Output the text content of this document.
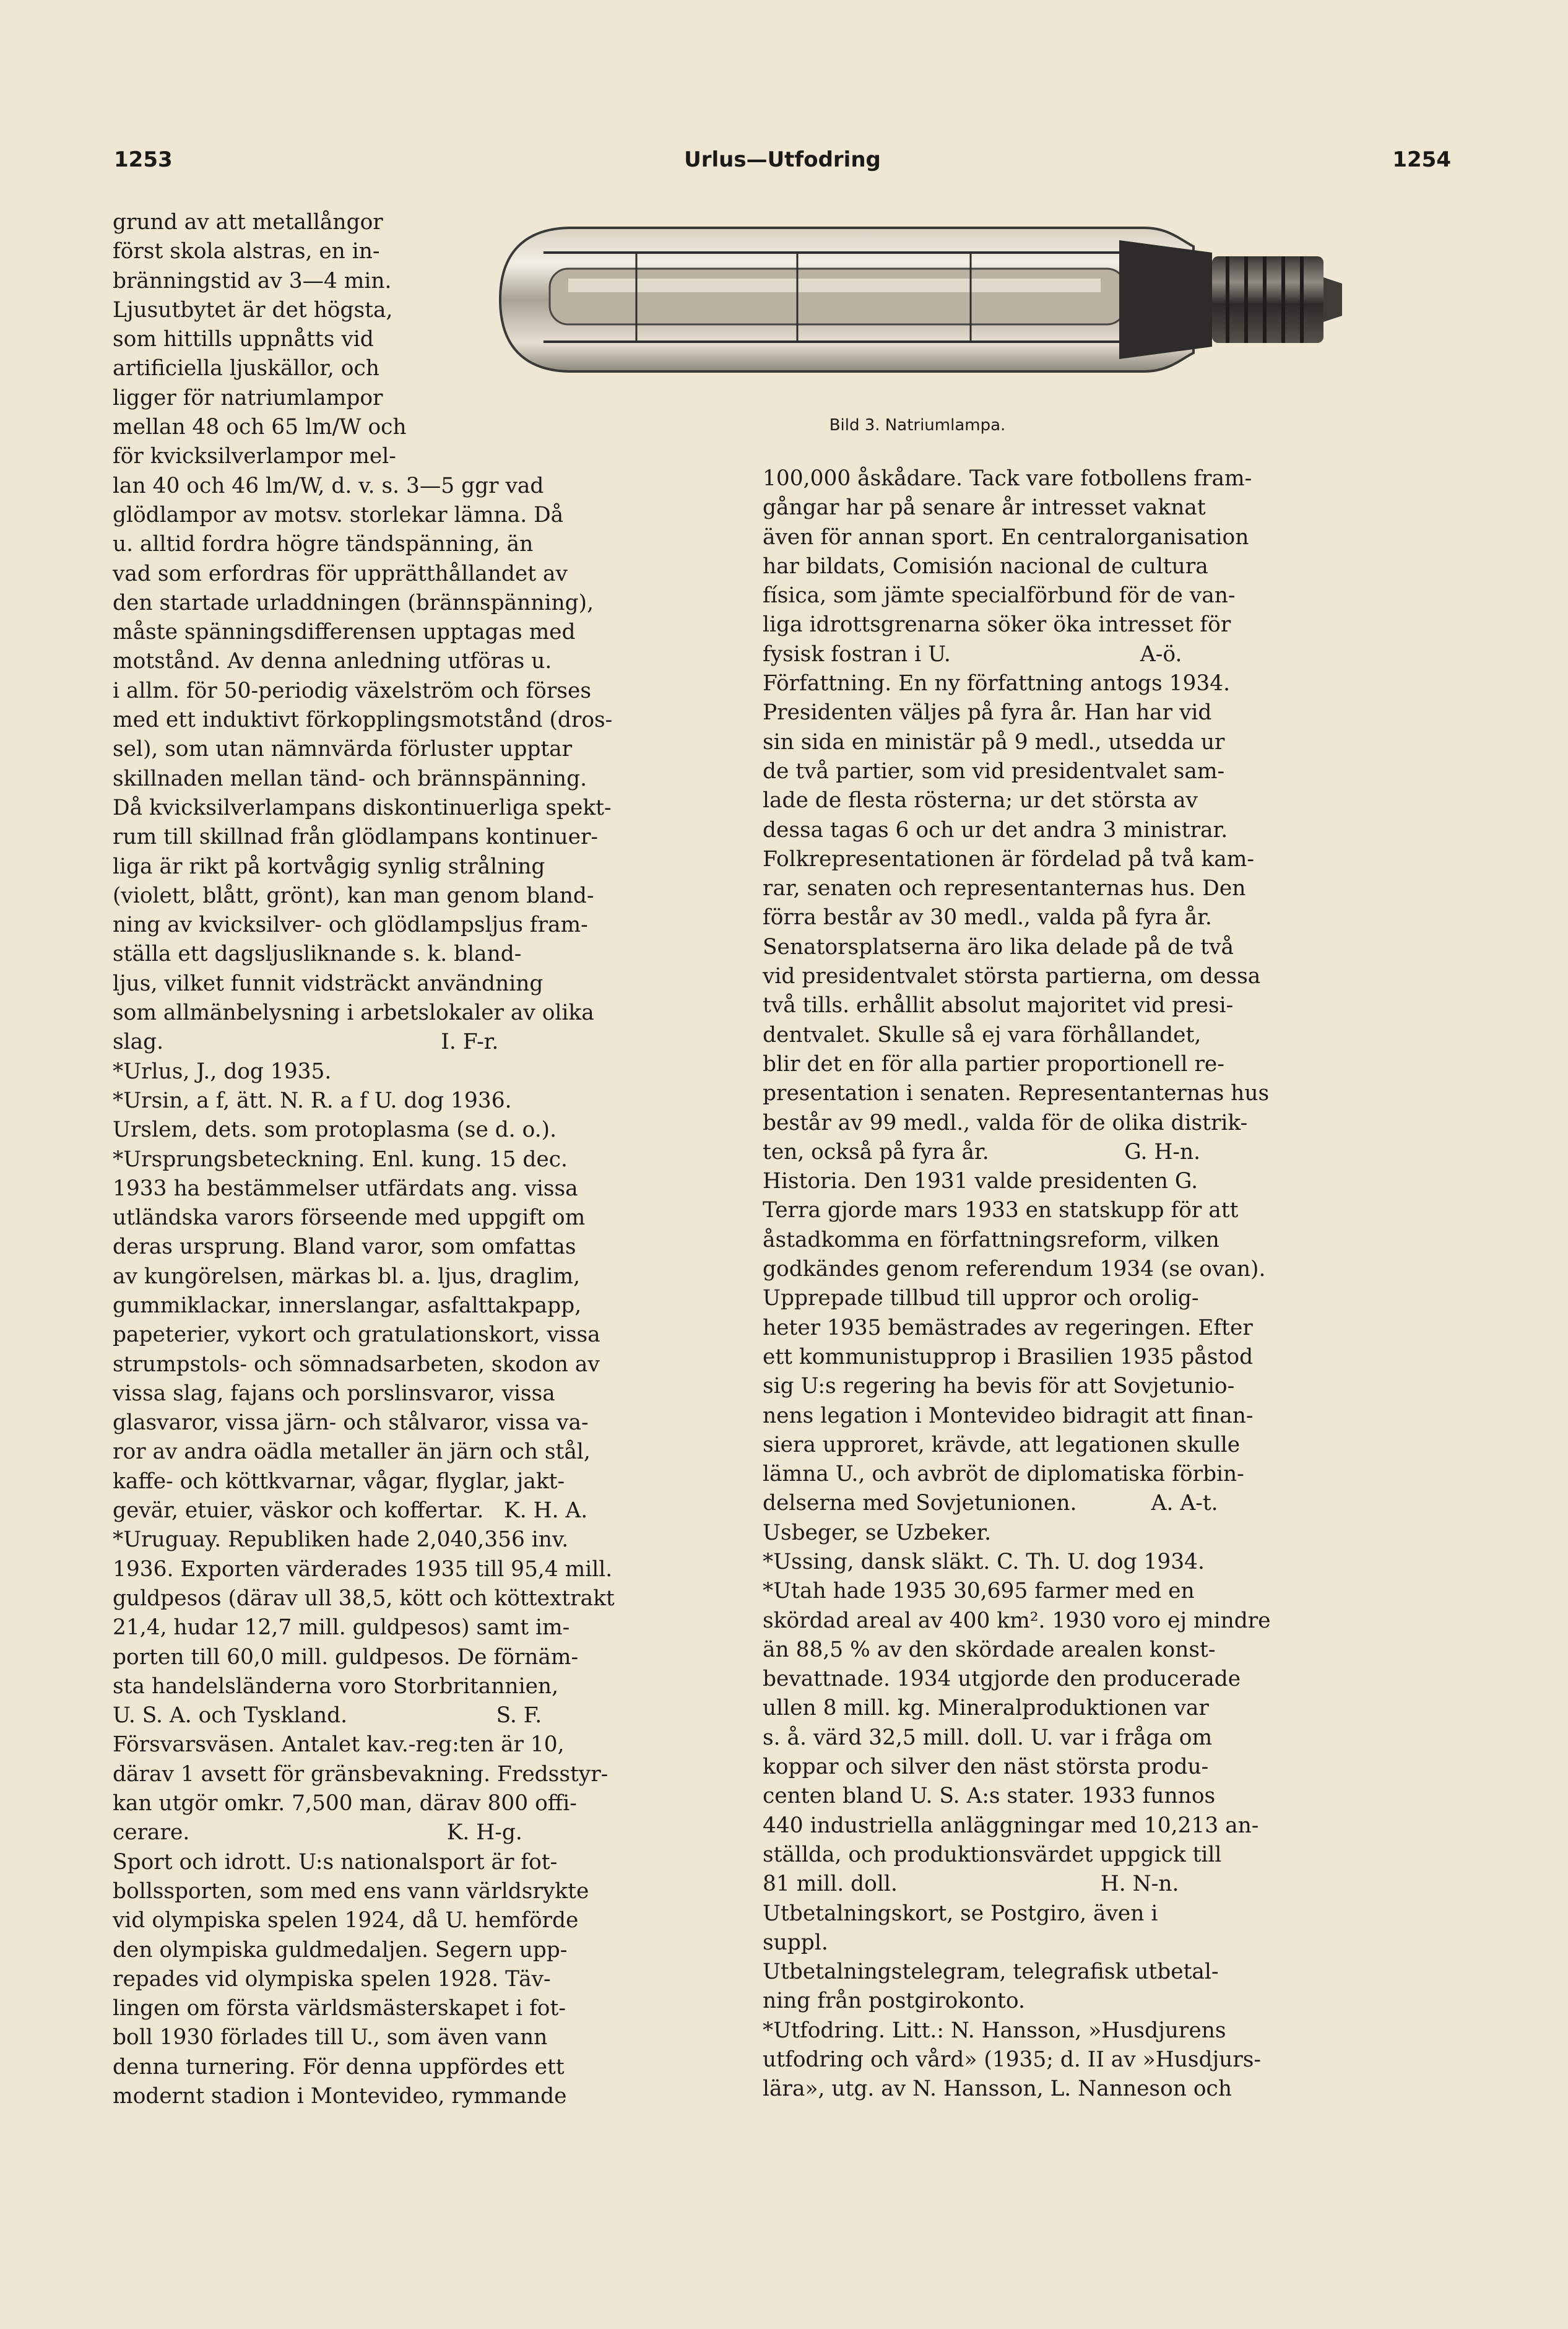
1253	Urlus—Utfodring	1254
Bild 3. Natriumlampa.
grund av att metallångor
först skola alstras, en in-
bränningstid av 3—4 min.
Ljusutbytet är det högsta,
som hittills uppnåtts vid
artificiella ljuskällor, och
ligger för natriumlampor
mellan 48 och 65 lm/W och
för kvicksilverlampor mel-
lan 40 och 46 lm/W, d. v. s. 3—5 ggr vad
glödlampor av motsv. storlekar lämna. Då
u. alltid fordra högre tändspänning, än
vad som erfordras för upprätthållandet av
den startade urladdningen (brännspänning),
måste spänningsdifferensen upptagas med
motstånd. Av denna anledning utföras u.
i allm. för 50-periodig växelström och förses
med ett induktivt förkopplingsmotstånd (dros-
sel), som utan nämnvärda förluster upptar
skillnaden mellan tänd- och brännspänning.
Då kvicksilverlampans diskontinuerliga spekt-
rum till skillnad från glödlampans kontinuer-
liga är rikt på kortvågig synlig strålning
(violett, blått, grönt), kan man genom bland-
ning av kvicksilver- och glödlampsljus fram-
ställa ett dagsljusliknande s. k. bland-
ljus, vilket funnit vidsträckt användning
som allmänbelysning i arbetslokaler av olika
slag.                                         I. F-r.
*Urlus, J., dog 1935.
*Ursin, a f, ätt. N. R. a f U. dog 1936.
Urslem, dets. som protoplasma (se d. o.).
*Ursprungsbeteckning. Enl. kung. 15 dec.
1933 ha bestämmelser utfärdats ang. vissa
utländska varors förseende med uppgift om
deras ursprung. Bland varor, som omfattas
av kungörelsen, märkas bl. a. ljus, draglim,
gummiklackar, innerslangar, asfalttakpapp,
papeterier, vykort och gratulationskort, vissa
strumpstols- och sömnadsarbeten, skodon av
vissa slag, fajans och porslinsvaror, vissa
glasvaror, vissa järn- och stålvaror, vissa va-
ror av andra oädla metaller än järn och stål,
kaffe- och köttkvarnar, vågar, flyglar, jakt-
gevär, etuier, väskor och koffertar.   K. H. A.
*Uruguay. Republiken hade 2,040,356 inv.
1936. Exporten värderades 1935 till 95,4 mill.
guldpesos (därav ull 38,5, kött och köttextrakt
21,4, hudar 12,7 mill. guldpesos) samt im-
porten till 60,0 mill. guldpesos. De förnäm-
sta handelsländerna voro Storbritannien,
U. S. A. och Tyskland.                      S. F.
Försvarsväsen. Antalet kav.-reg:ten är 10,
därav 1 avsett för gränsbevakning. Fredsstyr-
kan utgör omkr. 7,500 man, därav 800 offi-
cerare.                                      K. H-g.
Sport och idrott. U:s nationalsport är fot-
bollssporten, som med ens vann världsrykte
vid olympiska spelen 1924, då U. hemförde
den olympiska guldmedaljen. Segern upp-
repades vid olympiska spelen 1928. Täv-
lingen om första världsmästerskapet i fot-
boll 1930 förlades till U., som även vann
denna turnering. För denna uppfördes ett
modernt stadion i Montevideo, rymmande
100,000 åskådare. Tack vare fotbollens fram-
gångar har på senare år intresset vaknat
även för annan sport. En centralorganisation
har bildats, Comisión nacional de cultura
física, som jämte specialförbund för de van-
liga idrottsgrenarna söker öka intresset för
fysisk fostran i U.                            A-ö.
Författning. En ny författning antogs 1934.
Presidenten väljes på fyra år. Han har vid
sin sida en ministär på 9 medl., utsedda ur
de två partier, som vid presidentvalet sam-
lade de flesta rösterna; ur det största av
dessa tagas 6 och ur det andra 3 ministrar.
Folkrepresentationen är fördelad på två kam-
rar, senaten och representanternas hus. Den
förra består av 30 medl., valda på fyra år.
Senatorsplatserna äro lika delade på de två
vid presidentvalet största partierna, om dessa
två tills. erhållit absolut majoritet vid presi-
dentvalet. Skulle så ej vara förhållandet,
blir det en för alla partier proportionell re-
presentation i senaten. Representanternas hus
består av 99 medl., valda för de olika distrik-
ten, också på fyra år.                    G. H-n.
Historia. Den 1931 valde presidenten G.
Terra gjorde mars 1933 en statskupp för att
åstadkomma en författningsreform, vilken
godkändes genom referendum 1934 (se ovan).
Upprepade tillbud till uppror och orolig-
heter 1935 bemästrades av regeringen. Efter
ett kommunistupprор i Brasilien 1935 påstod
sig U:s regering ha bevis för att Sovjetunio-
nens legation i Montevideo bidragit att finan-
siera upproret, krävde, att legationen skulle
lämna U., och avbröt de diplomatiska förbin-
delserna med Sovjetunionen.           A. A-t.
Usbeger, se Uzbeker.
*Ussing, dansk släkt. C. Th. U. dog 1934.
*Utah hade 1935 30,695 farmer med en
skördad areal av 400 km². 1930 voro ej mindre
än 88,5 % av den skördade arealen konst-
bevattnade. 1934 utgjorde den producerade
ullen 8 mill. kg. Mineralproduktionen var
s. å. värd 32,5 mill. doll. U. var i fråga om
koppar och silver den näst största produ-
centen bland U. S. A:s stater. 1933 funnos
440 industriella anläggningar med 10,213 an-
ställda, och produktionsvärdet uppgick till
81 mill. doll.                              H. N-n.
Utbetalningskort, se Postgiro, även i
suppl.
Utbetalningstelegram, telegrafisk utbetal-
ning från postgirokonto.
*Utfodring. Litt.: N. Hansson, »Husdjurens
utfodring och vård» (1935; d. II av »Husdjurs-
lära», utg. av N. Hansson, L. Nanneson och
